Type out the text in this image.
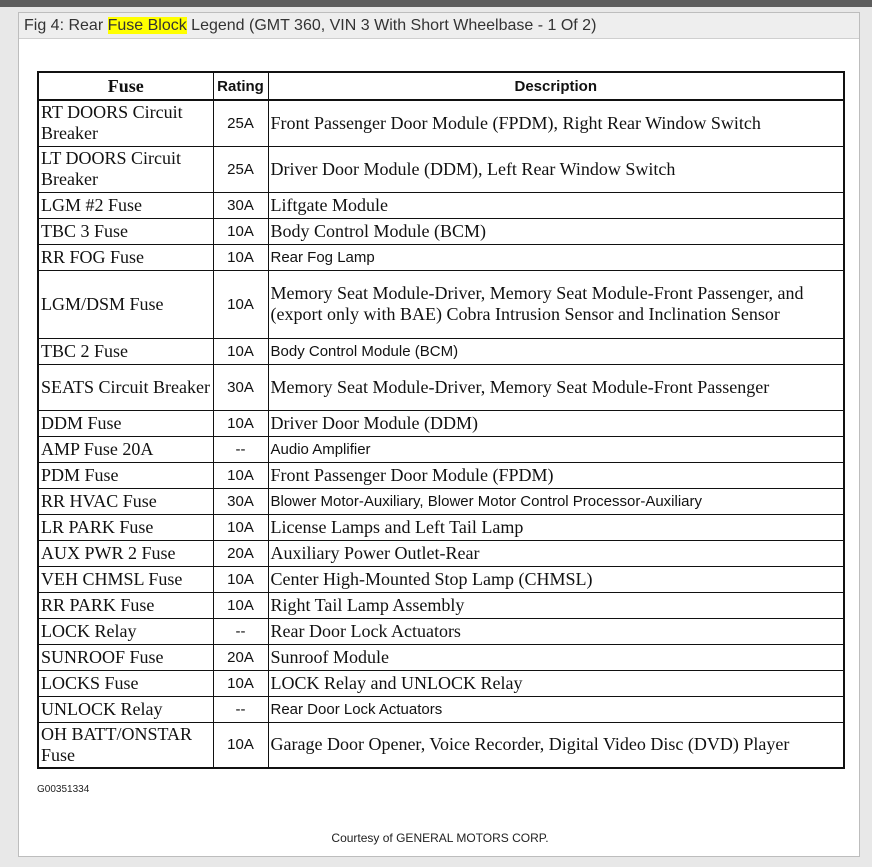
Fig 4: Rear Fuse Block Legend (GMT 360, VIN 3 With Short Wheelbase - 1 Of 2)
Fuse	Rating	Description
RT DOORS Circuit Breaker	25A	Front Passenger Door Module (FPDM), Right Rear Window Switch
LT DOORS Circuit Breaker	25A	Driver Door Module (DDM), Left Rear Window Switch
LGM #2 Fuse	30A	Liftgate Module
TBC 3 Fuse	10A	Body Control Module (BCM)
RR FOG Fuse	10A	Rear Fog Lamp
LGM/DSM Fuse	10A	Memory Seat Module-Driver, Memory Seat Module-Front Passenger, and (export only with BAE) Cobra Intrusion Sensor and Inclination Sensor
TBC 2 Fuse	10A	Body Control Module (BCM)
SEATS Circuit Breaker	30A	Memory Seat Module-Driver, Memory Seat Module-Front Passenger
DDM Fuse	10A	Driver Door Module (DDM)
AMP Fuse 20A	--	Audio Amplifier
PDM Fuse	10A	Front Passenger Door Module (FPDM)
RR HVAC Fuse	30A	Blower Motor-Auxiliary, Blower Motor Control Processor-Auxiliary
LR PARK Fuse	10A	License Lamps and Left Tail Lamp
AUX PWR 2 Fuse	20A	Auxiliary Power Outlet-Rear
VEH CHMSL Fuse	10A	Center High-Mounted Stop Lamp (CHMSL)
RR PARK Fuse	10A	Right Tail Lamp Assembly
LOCK Relay	--	Rear Door Lock Actuators
SUNROOF Fuse	20A	Sunroof Module
LOCKS Fuse	10A	LOCK Relay and UNLOCK Relay
UNLOCK Relay	--	Rear Door Lock Actuators
OH BATT/ONSTAR Fuse	10A	Garage Door Opener, Voice Recorder, Digital Video Disc (DVD) Player
G00351334
Courtesy of GENERAL MOTORS CORP.
